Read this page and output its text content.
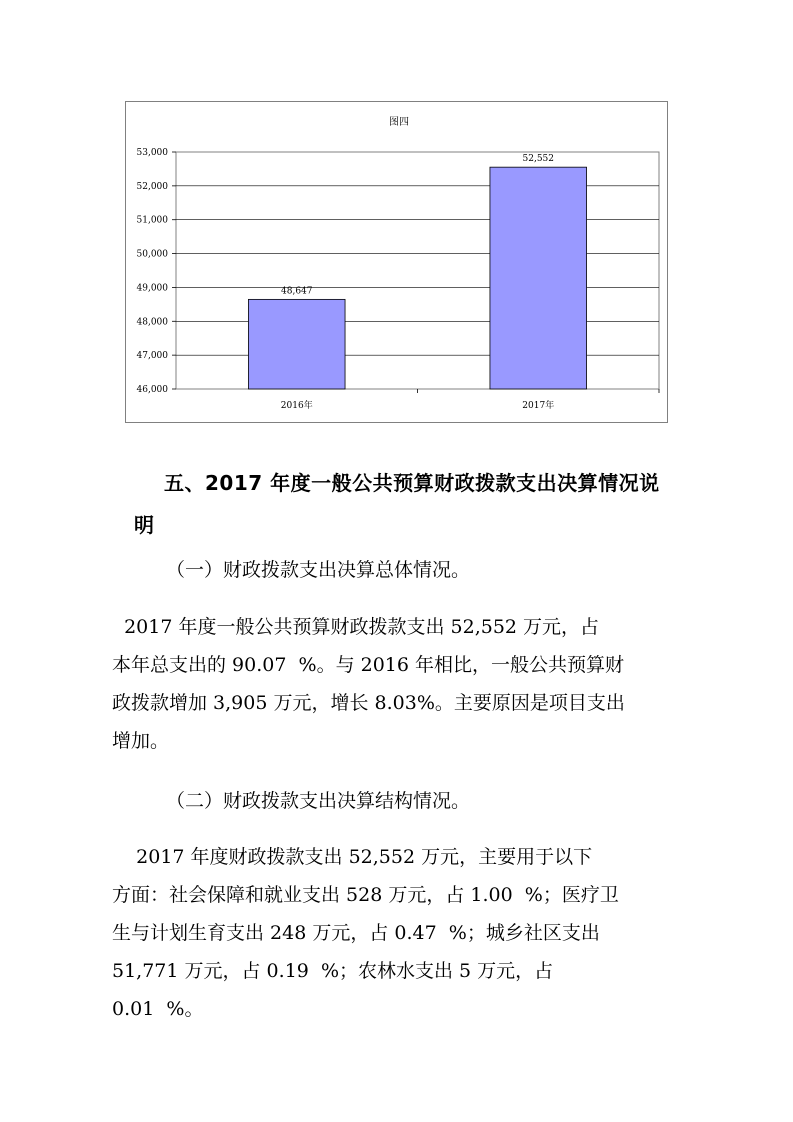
图四
46,000
47,000
48,000
49,000
50,000
51,000
52,000
53,000
48,647
2016年
52,552
2017年
五、2017 年度一般公共预算财政拨款支出决算情况说
明

（一）财政拨款支出决算总体情况。

2017 年度一般公共预算财政拨款支出 52,552 万元，占
本年总支出的 90.07  %。与 2016 年相比，一般公共预算财
政拨款增加 3,905 万元，增长 8.03%。主要原因是项目支出
增加。

（二）财政拨款支出决算结构情况。

2017 年度财政拨款支出 52,552 万元，主要用于以下
方面：社会保障和就业支出 528 万元，占 1.00  %；医疗卫
生与计划生育支出 248 万元，占 0.47  %；城乡社区支出
51,771 万元，占 0.19  %；农林水支出 5 万元，占
0.01  %。
